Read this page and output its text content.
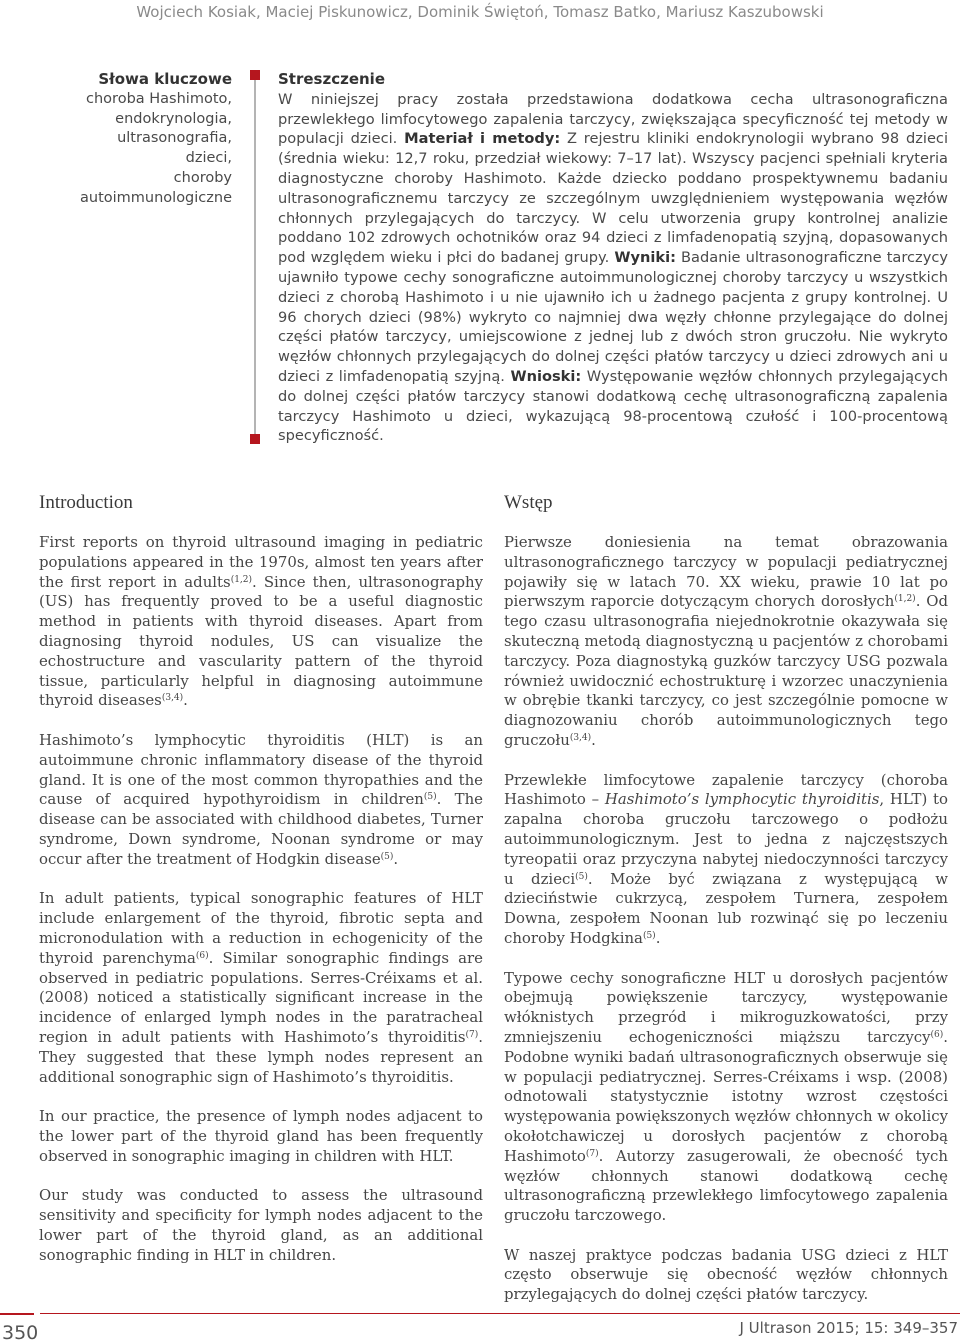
Wojciech Kosiak, Maciej Piskunowicz, Dominik Świętoń, Tomasz Batko, Mariusz Kaszubowski
Słowa kluczowe
choroba Hashimoto,
endokrynologia,
ultrasonografia,
dzieci,
choroby
autoimmunologiczne
Streszczenie
W niniejszej pracy została przedstawiona dodatkowa cecha ultrasonograficzna przewlekłego limfocytowego zapalenia tarczycy, zwiększająca specyficzność tej metody w populacji dzieci. Materiał i metody: Z rejestru kliniki endokrynologii wybrano 98 dzieci (średnia wieku: 12,7 roku, przedział wiekowy: 7–17 lat). Wszyscy pacjenci spełniali kryteria diagnostyczne choroby Hashimoto. Każde dziecko poddano prospektywnemu badaniu ultrasonograficznemu tarczycy ze szczególnym uwzględnieniem występowania węzłów chłonnych przylegających do tarczycy. W celu utworzenia grupy kontrolnej analizie poddano 102 zdrowych ochotników oraz 94 dzieci z limfadenopatią szyjną, dopasowanych pod względem wieku i płci do badanej grupy. Wyniki: Badanie ultrasonograficzne tarczycy ujawniło typowe cechy sonograficzne autoimmunologicznej choroby tarczycy u wszystkich dzieci z chorobą Hashimoto i u nie ujawniło ich u żadnego pacjenta z grupy kontrolnej. U 96 chorych dzieci (98%) wykryto co najmniej dwa węzły chłonne przylegające do dolnej części płatów tarczycy, umiejscowione z jednej lub z dwóch stron gruczołu. Nie wykryto węzłów chłonnych przylegających do dolnej części płatów tarczycy u dzieci zdrowych ani u dzieci z limfadenopatią szyjną. Wnioski: Występowanie węzłów chłonnych przylegających do dolnej części płatów tarczycy stanowi dodatkową cechę ultrasonograficzną zapalenia tarczycy Hashimoto u dzieci, wykazującą 98-procentową czułość i 100-procentową specyficzność.
Introduction

First reports on thyroid ultrasound imaging in pediatric populations appeared in the 1970s, almost ten years after the first report in adults$^{(1,2)}$. Since then, ultrasonography (US) has frequently proved to be a useful diagnostic method in patients with thyroid diseases. Apart from diagnosing thyroid nodules, US can visualize the echostructure and vascularity pattern of the thyroid tissue, particularly helpful in diagnosing autoimmune thyroid diseases$^{(3,4)}$.

Hashimoto’s lymphocytic thyroiditis (HLT) is an autoimmune chronic inflammatory disease of the thyroid gland. It is one of the most common thyropathies and the cause of acquired hypothyroidism in children$^{(5)}$. The disease can be associated with childhood diabetes, Turner syndrome, Down syndrome, Noonan syndrome or may occur after the treatment of Hodgkin disease$^{(5)}$.

In adult patients, typical sonographic features of HLT include enlargement of the thyroid, fibrotic septa and micronodulation with a reduction in echogenicity of the thyroid parenchyma$^{(6)}$. Similar sonographic findings are observed in pediatric populations. Serres-Créixams et al. (2008) noticed a statistically significant increase in the incidence of enlarged lymph nodes in the paratracheal region in adult patients with Hashimoto’s thyroiditis$^{(7)}$. They suggested that these lymph nodes represent an additional sonographic sign of Hashimoto’s thyroiditis.

In our practice, the presence of lymph nodes adjacent to the lower part of the thyroid gland has been frequently observed in sonographic imaging in children with HLT.

Our study was conducted to assess the ultrasound sensitivity and specificity for lymph nodes adjacent to the lower part of the thyroid gland, as an additional sonographic finding in HLT in children.

Wstęp

Pierwsze doniesienia na temat obrazowania ultrasonograficznego tarczycy w populacji pediatrycznej pojawiły się w latach 70. XX wieku, prawie 10 lat po pierwszym raporcie dotyczącym chorych dorosłych$^{(1,2)}$. Od tego czasu ultrasonografia niejednokrotnie okazywała się skuteczną metodą diagnostyczną u pacjentów z chorobami tarczycy. Poza diagnostyką guzków tarczycy USG pozwala również uwidocznić echostrukturę i wzorzec unaczynienia w obrębie tkanki tarczycy, co jest szczególnie pomocne w diagnozowaniu chorób autoimmunologicznych tego gruczołu$^{(3,4)}$.

Przewlekłe limfocytowe zapalenie tarczycy (choroba Hashimoto – Hashimoto’s lymphocytic thyroiditis, HLT) to zapalna choroba gruczołu tarczowego o podłożu autoimmunologicznym. Jest to jedna z najczęstszych tyreopatii oraz przyczyna nabytej niedoczynności tarczycy u dzieci$^{(5)}$. Może być związana z występującą w dzieciństwie cukrzycą, zespołem Turnera, zespołem Downa, zespołem Noonan lub rozwinąć się po leczeniu choroby Hodgkina$^{(5)}$.

Typowe cechy sonograficzne HLT u dorosłych pacjentów obejmują powiększenie tarczycy, występowanie włóknistych przegród i mikroguzkowatości, przy zmniejszeniu echogeniczności miąższu tarczycy$^{(6)}$. Podobne wyniki badań ultrasonograficznych obserwuje się w populacji pediatrycznej. Serres-Créixams i wsp. (2008) odnotowali statystycznie istotny wzrost częstości występowania powiększonych węzłów chłonnych w okolicy okołotchawiczej u dorosłych pacjentów z chorobą Hashimoto$^{(7)}$. Autorzy zasugerowali, że obecność tych węzłów chłonnych stanowi dodatkową cechę ultrasonograficzną przewlekłego limfocytowego zapalenia gruczołu tarczowego.

W naszej praktyce podczas badania USG dzieci z HLT często obserwuje się obecność węzłów chłonnych przylegających do dolnej części płatów tarczycy.

350	J Ultrason 2015; 15: 349–357
